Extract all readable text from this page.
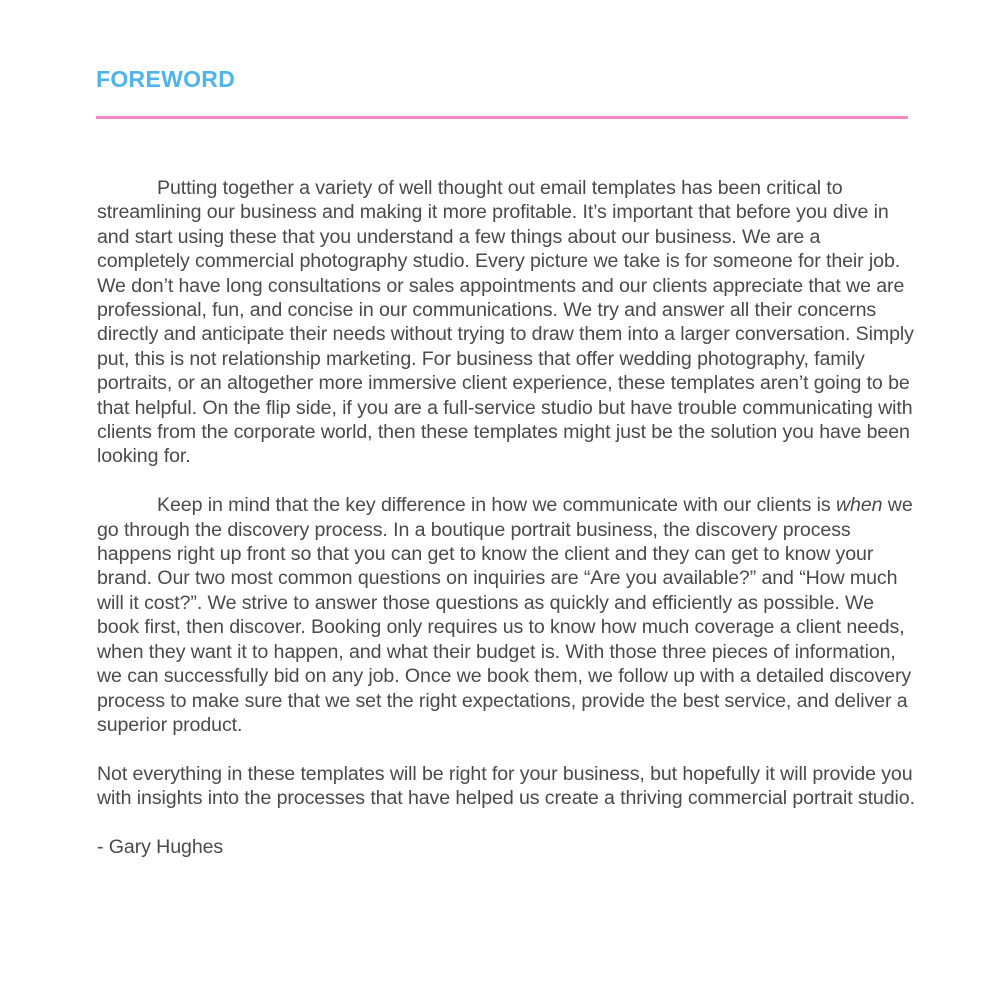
FOREWORD

Putting together a variety of well thought out email templates has been critical to streamlining our business and making it more profitable. It’s important that before you dive in and start using these that you understand a few things about our business. We are a completely commercial photography studio. Every picture we take is for someone for their job. We don’t have long consultations or sales appointments and our clients appreciate that we are professional, fun, and concise in our communications. We try and answer all their concerns directly and anticipate their needs without trying to draw them into a larger conversation. Simply put, this is not relationship marketing. For business that offer wedding photography, family portraits, or an altogether more immersive client experience, these templates aren’t going to be that helpful. On the flip side, if you are a full-service studio but have trouble communicating with clients from the corporate world, then these templates might just be the solution you have been looking for.

Keep in mind that the key difference in how we communicate with our clients is when we go through the discovery process. In a boutique portrait business, the discovery process happens right up front so that you can get to know the client and they can get to know your brand. Our two most common questions on inquiries are “Are you available?” and “How much will it cost?”. We strive to answer those questions as quickly and efficiently as possible. We book first, then discover. Booking only requires us to know how much coverage a client needs, when they want it to happen, and what their budget is. With those three pieces of information, we can successfully bid on any job. Once we book them, we follow up with a detailed discovery process to make sure that we set the right expectations, provide the best service, and deliver a superior product.

Not everything in these templates will be right for your business, but hopefully it will provide you with insights into the processes that have helped us create a thriving commercial portrait studio.

- Gary Hughes
